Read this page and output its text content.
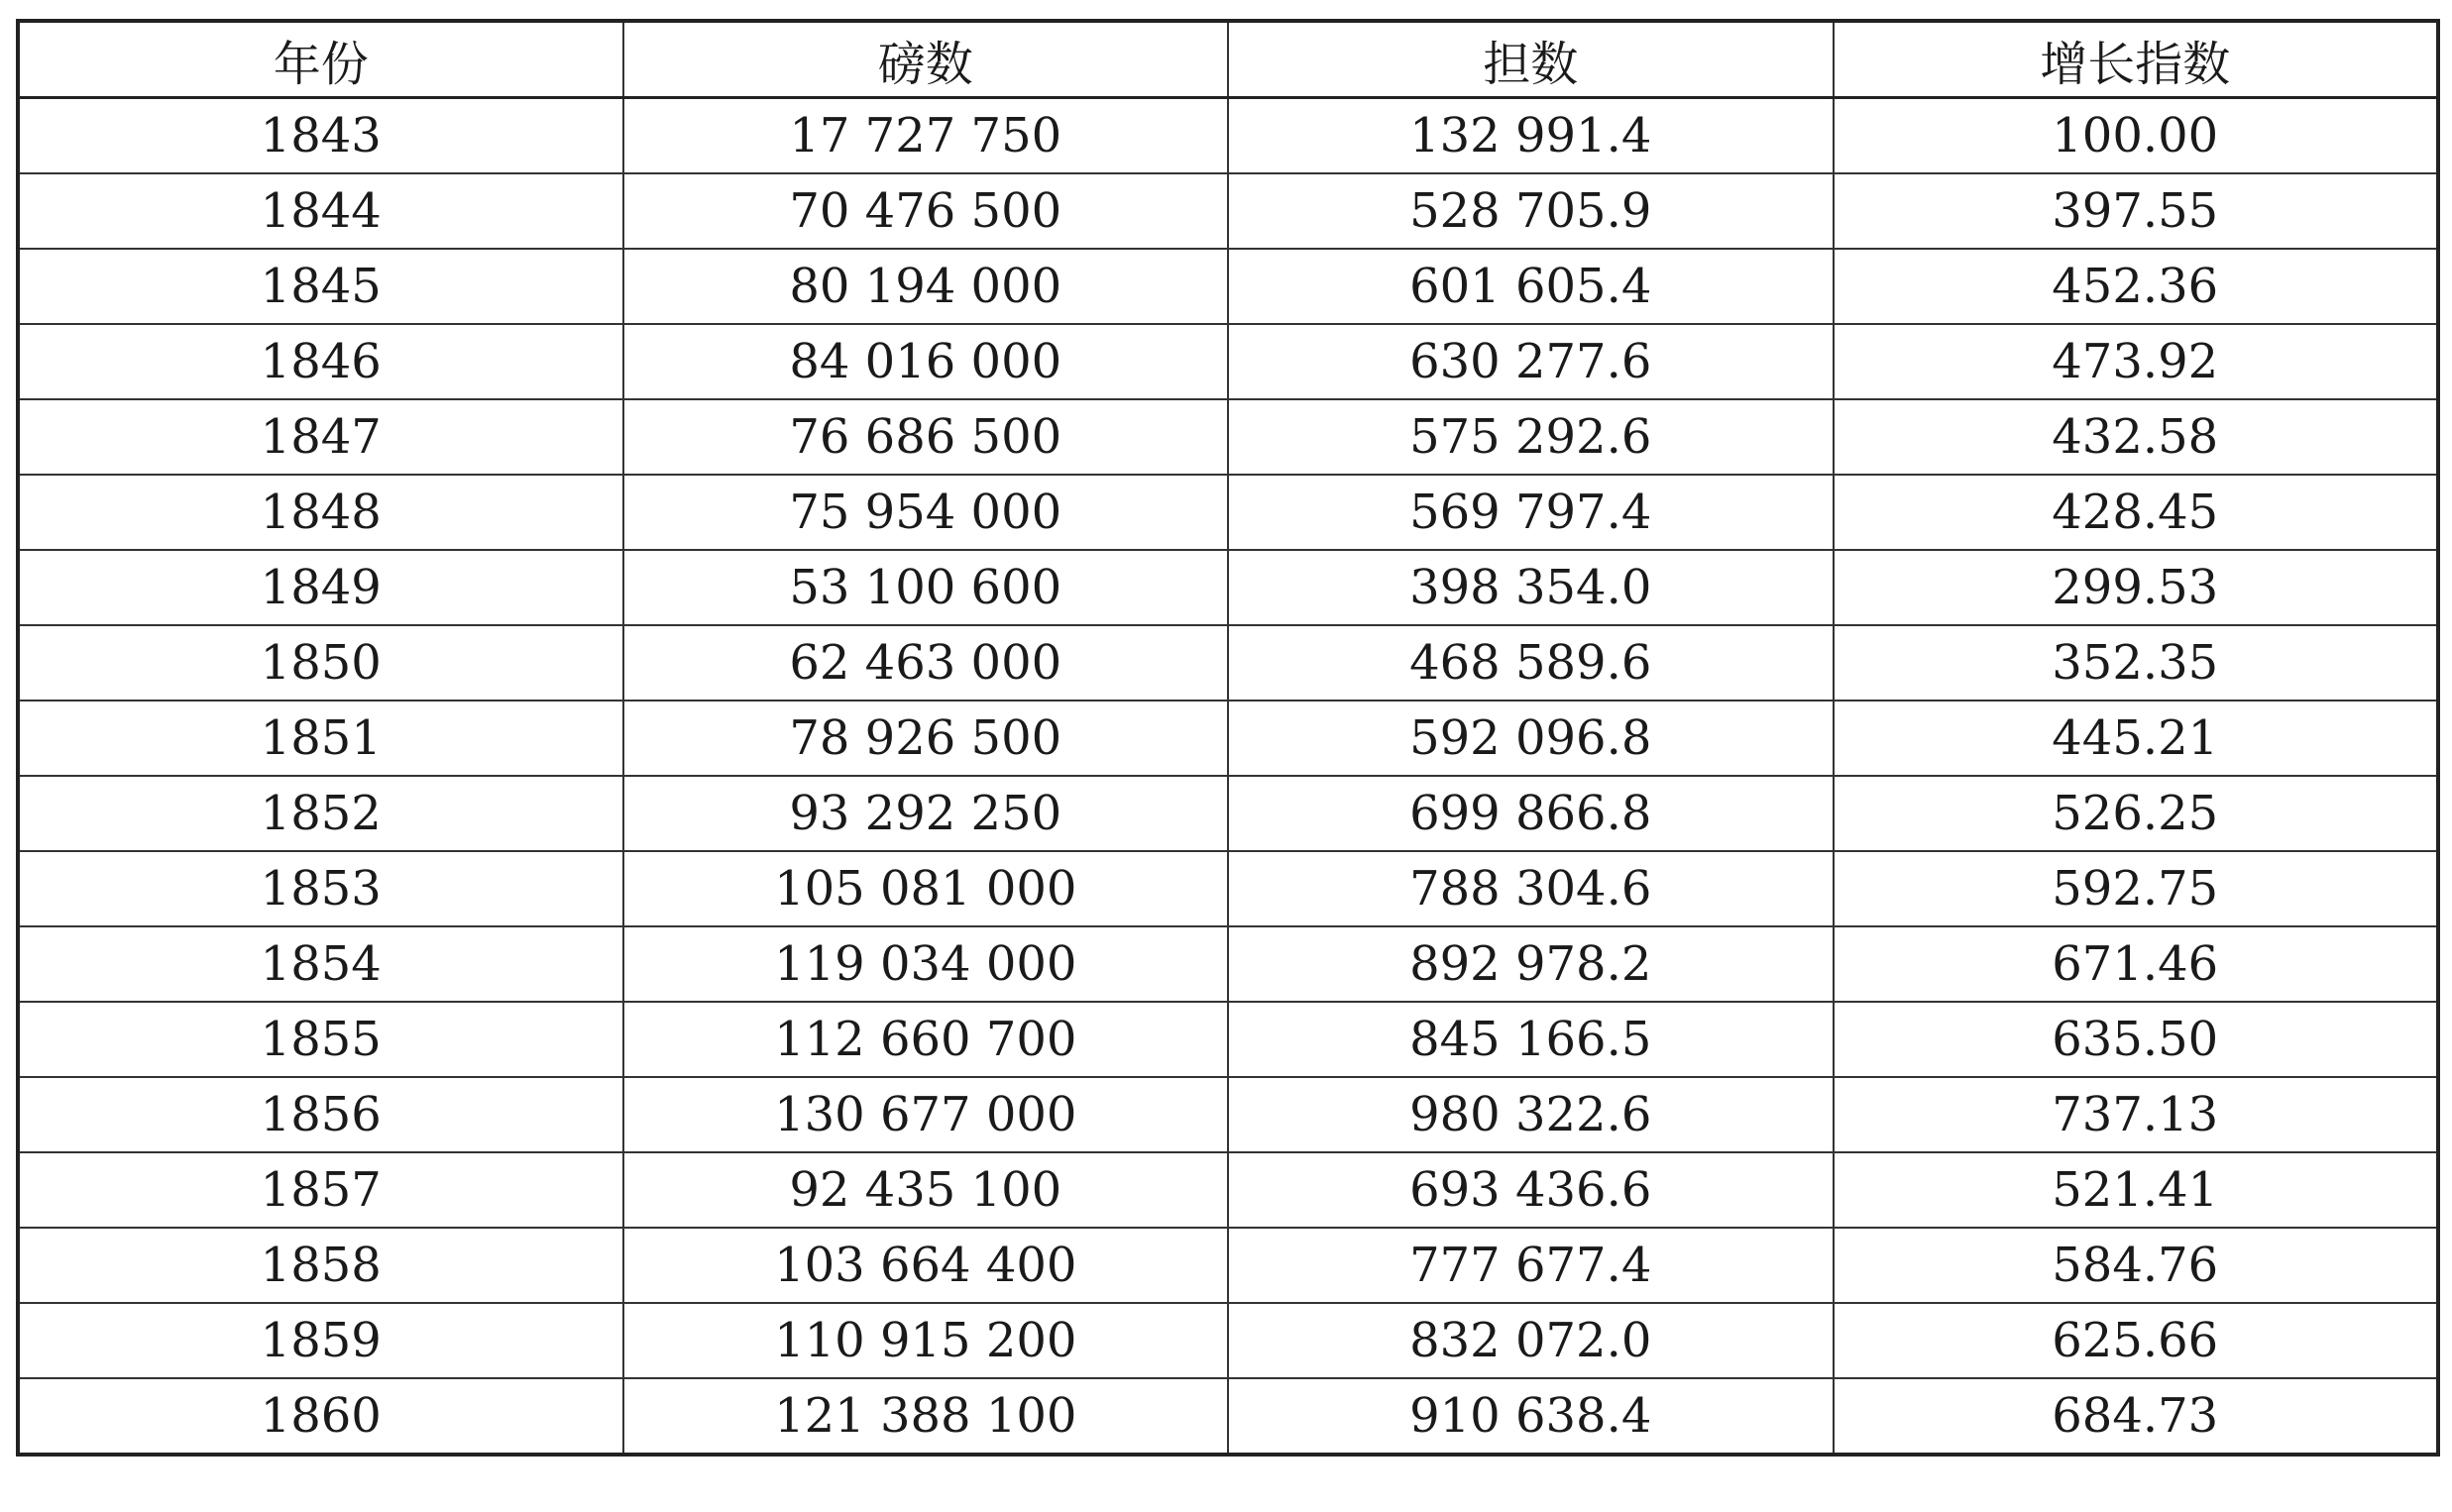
年份	磅数	担数	增长指数
1843	17 727 750	132 991.4	100.00
1844	70 476 500	528 705.9	397.55
1845	80 194 000	601 605.4	452.36
1846	84 016 000	630 277.6	473.92
1847	76 686 500	575 292.6	432.58
1848	75 954 000	569 797.4	428.45
1849	53 100 600	398 354.0	299.53
1850	62 463 000	468 589.6	352.35
1851	78 926 500	592 096.8	445.21
1852	93 292 250	699 866.8	526.25
1853	105 081 000	788 304.6	592.75
1854	119 034 000	892 978.2	671.46
1855	112 660 700	845 166.5	635.50
1856	130 677 000	980 322.6	737.13
1857	92 435 100	693 436.6	521.41
1858	103 664 400	777 677.4	584.76
1859	110 915 200	832 072.0	625.66
1860	121 388 100	910 638.4	684.73
